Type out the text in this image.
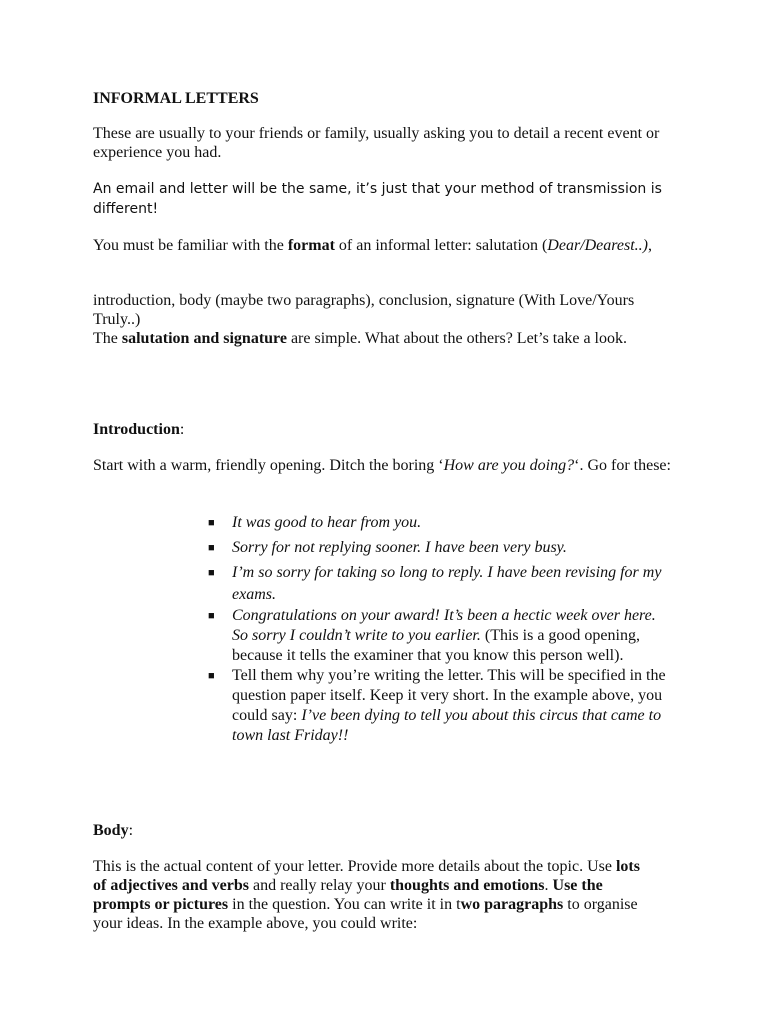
INFORMAL LETTERS

These are usually to your friends or family, usually asking you to detail a recent event or experience you had.

An email and letter will be the same, it’s just that your method of transmission is different!

You must be familiar with the format of an informal letter: salutation (Dear/Dearest..),

introduction, body (maybe two paragraphs), conclusion, signature (With Love/Yours Truly..)
The salutation and signature are simple. What about the others? Let’s take a look.

Introduction:

Start with a warm, friendly opening. Ditch the boring ‘How are you doing?‘. Go for these:

■ It was good to hear from you.
■ Sorry for not replying sooner. I have been very busy.
■ I’m so sorry for taking so long to reply. I have been revising for my exams.
■ Congratulations on your award! It’s been a hectic week over here. So sorry I couldn’t write to you earlier. (This is a good opening, because it tells the examiner that you know this person well).
■ Tell them why you’re writing the letter. This will be specified in the question paper itself. Keep it very short. In the example above, you could say: I’ve been dying to tell you about this circus that came to town last Friday!!

Body:

This is the actual content of your letter. Provide more details about the topic. Use lots of adjectives and verbs and really relay your thoughts and emotions. Use the prompts or pictures in the question. You can write it in two paragraphs to organise your ideas. In the example above, you could write:
